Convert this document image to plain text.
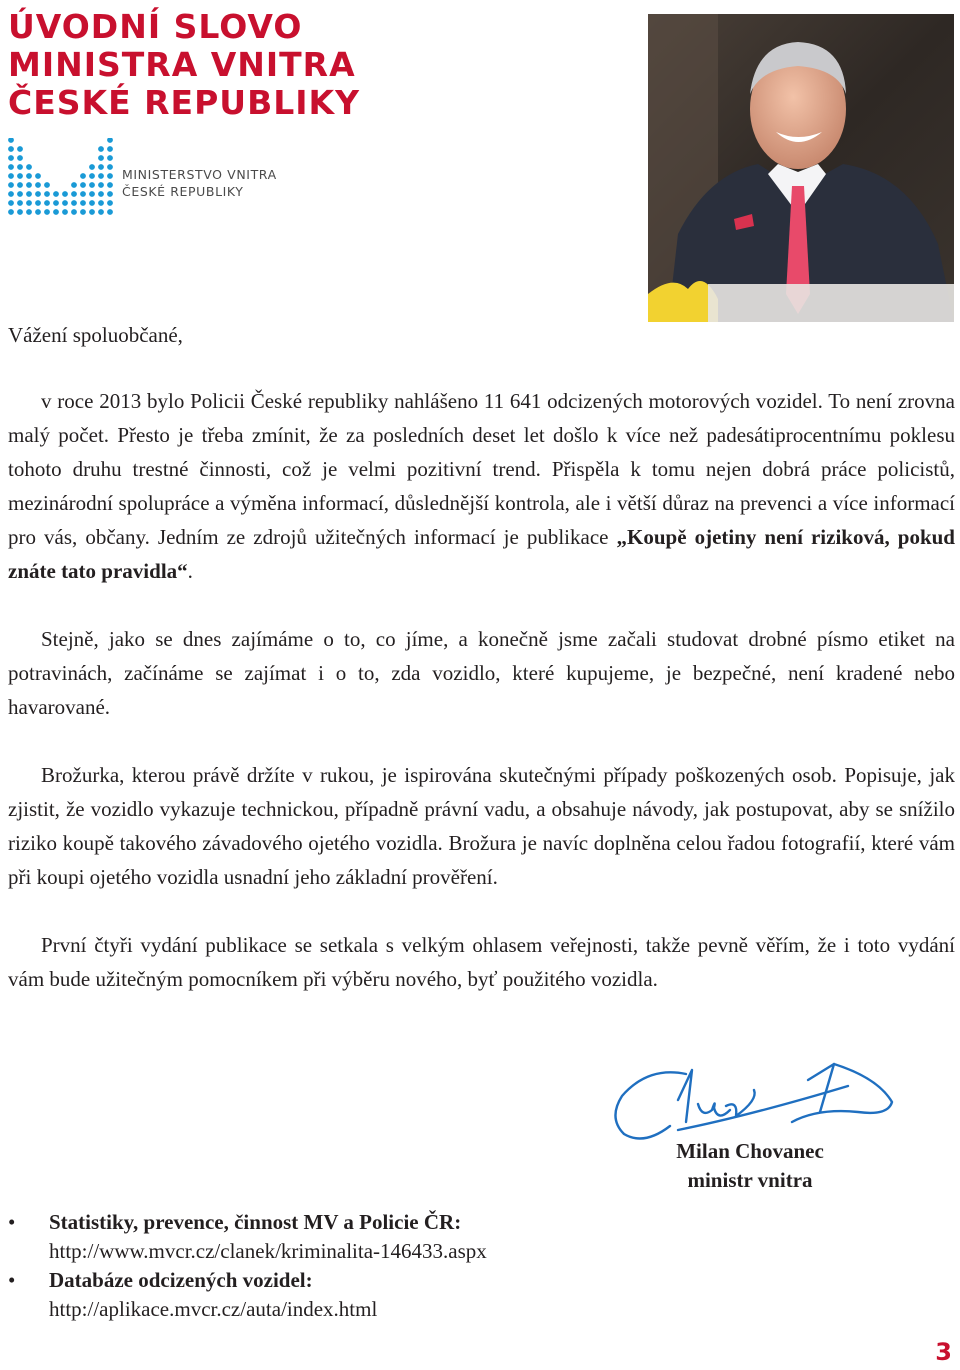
ÚVODNÍ SLOVO
MINISTRA VNITRA
ČESKÉ REPUBLIKY
MINISTERSTVO VNITRA
ČESKÉ REPUBLIKY
Vážení spoluobčané,

v roce 2013 bylo Policii České republiky nahlášeno 11 641 odcizených motorových vozidel. To není zrovna malý počet. Přesto je třeba zmínit, že za posledních deset let došlo k více než padesátiprocentnímu poklesu tohoto druhu trestné činnosti, což je velmi pozitivní trend. Přispěla k tomu nejen dobrá práce policistů, mezinárodní spolupráce a výměna informací, důslednější kontrola, ale i větší důraz na prevenci a více informací pro vás, občany. Jedním ze zdrojů užitečných informací je publikace „Koupě ojetiny není riziková, pokud znáte tato pravidla“.

Stejně, jako se dnes zajímáme o to, co jíme, a konečně jsme začali studovat drobné písmo etiket na potravinách, začínáme se zajímat i o to, zda vozidlo, které kupujeme, je bezpečné, není kradené nebo havarované.

Brožurka, kterou právě držíte v rukou, je ispirována skutečnými případy poškozených osob. Popisuje, jak zjistit, že vozidlo vykazuje technickou, případně právní vadu, a obsahuje návody, jak postupovat, aby se snížilo riziko koupě takového závadového ojetého vozidla. Brožura je navíc doplněna celou řadou fotografií, které vám při koupi ojetého vozidla usnadní jeho základní prověření.

První čtyři vydání publikace se setkala s velkým ohlasem veřejnosti, takže pevně věřím, že i toto vydání vám bude užitečným pomocníkem při výběru nového, byť použitého vozidla.

Milan Chovanec
ministr vnitra
• Statistiky, prevence, činnost MV a Policie ČR:
http://www.mvcr.cz/clanek/kriminalita-146433.aspx
• Databáze odcizených vozidel:
http://aplikace.mvcr.cz/auta/index.html
3
